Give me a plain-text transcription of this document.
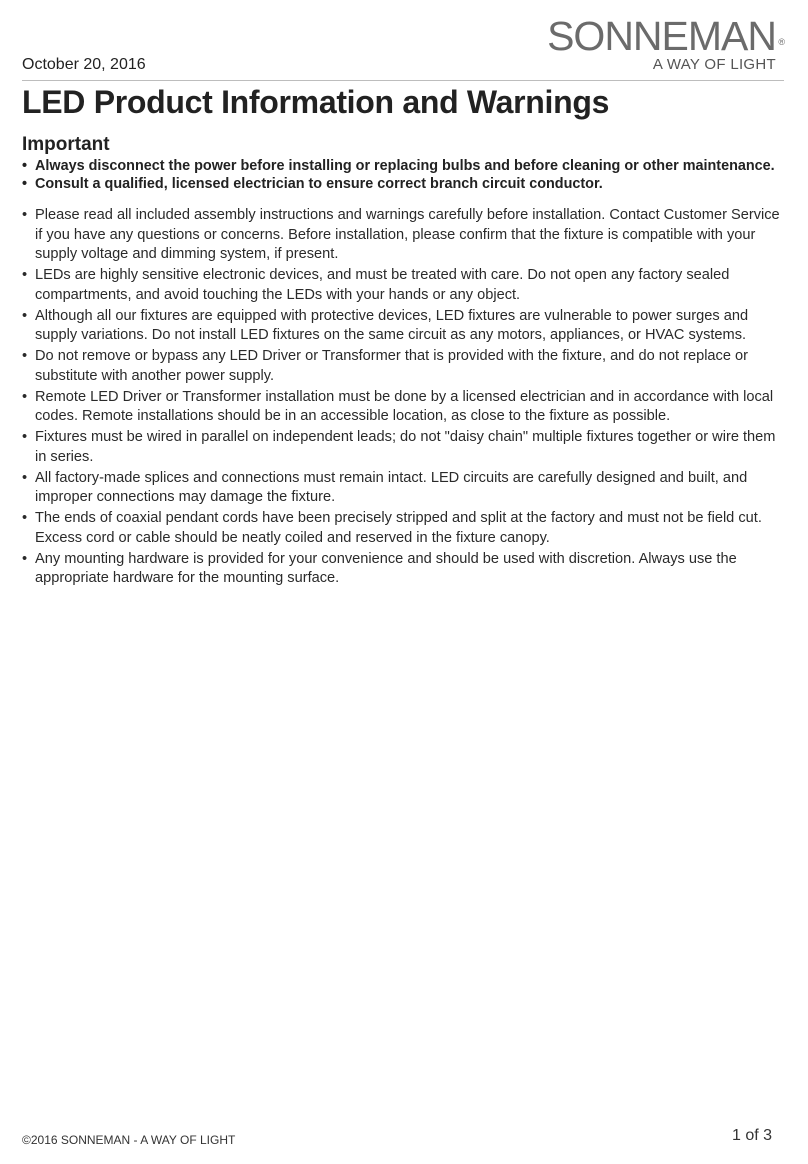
SONNEMAN ®
A WAY OF LIGHT
October 20, 2016
LED Product Information and Warnings
Important

• Always disconnect the power before installing or replacing bulbs and before cleaning or other maintenance.

• Consult a qualified, licensed electrician to ensure correct branch circuit conductor.

• Please read all included assembly instructions and warnings carefully before installation. Contact Customer Service if you have any questions or concerns. Before installation, please confirm that the fixture is compatible with your supply voltage and dimming system, if present.
• LEDs are highly sensitive electronic devices, and must be treated with care. Do not open any factory sealed compartments, and avoid touching the LEDs with your hands or any object.
• Although all our fixtures are equipped with protective devices, LED fixtures are vulnerable to power surges and supply variations. Do not install LED fixtures on the same circuit as any motors, appliances, or HVAC systems.
• Do not remove or bypass any LED Driver or Transformer that is provided with the fixture, and do not replace or substitute with another power supply.
• Remote LED Driver or Transformer installation must be done by a licensed electrician and in accordance with local codes. Remote installations should be in an accessible location, as close to the fixture as possible.
• Fixtures must be wired in parallel on independent leads; do not "daisy chain" multiple fixtures together or wire them in series.
• All factory-made splices and connections must remain intact. LED circuits are carefully designed and built, and improper connections may damage the fixture.
• The ends of coaxial pendant cords have been precisely stripped and split at the factory and must not be field cut. Excess cord or cable should be neatly coiled and reserved in the fixture canopy.
• Any mounting hardware is provided for your convenience and should be used with discretion. Always use the appropriate hardware for the mounting surface.
©2016 SONNEMAN - A WAY OF LIGHT	1 of 3
